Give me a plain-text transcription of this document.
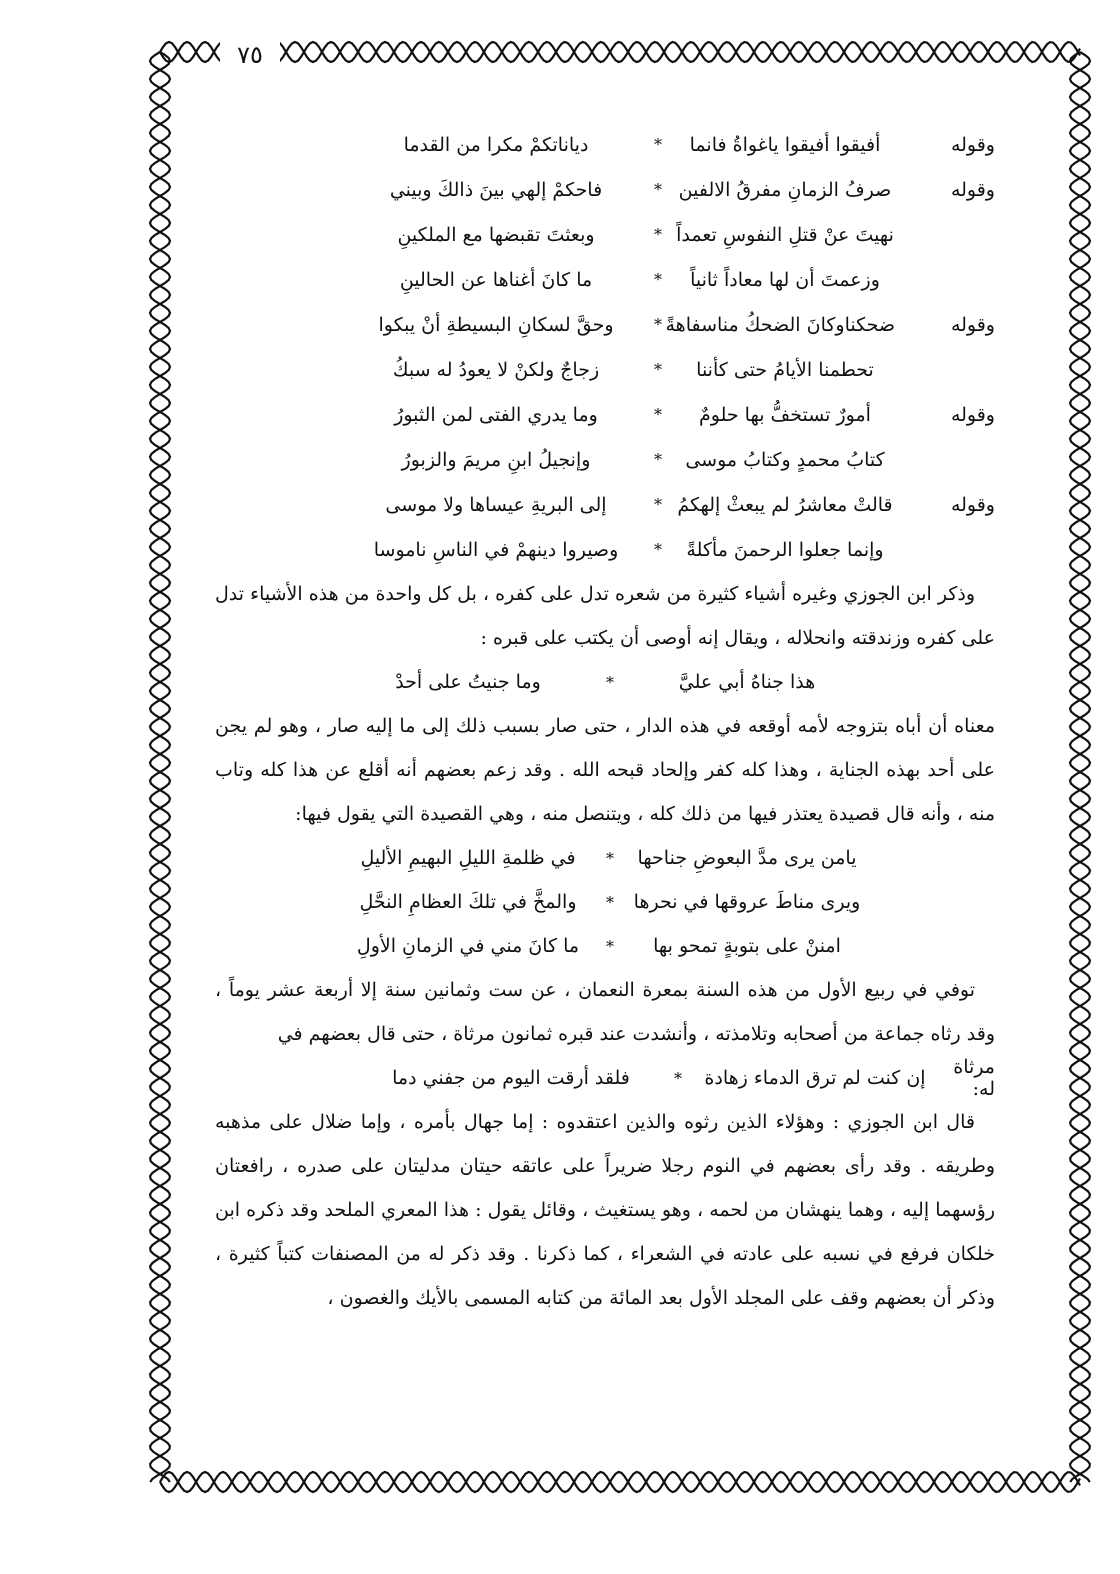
٧٥
وقوله
أفيقوا أفيقوا ياغواةُ فانما
*
دياناتكمْ مكرا من القدما
وقوله
صرفُ الزمانِ مفرقُ الالفين
*
فاحكمْ إلهي بينَ ذالكَ وبيني
نهيتَ عنْ قتلِ النفوسِ تعمداً
*
وبعثتَ تقبضها مع الملكينِ
وزعمتَ أن لها معاداً ثانياً
*
ما كانَ أغناها عن الحالينِ
وقوله
ضحكناوكانَ الضحكُ مناسفاهةً
*
وحقَّ لسكانِ البسيطةِ أنْ يبكوا
تحطمنا الأيامُ حتى كأننا
*
زجاجٌ ولكنْ لا يعودُ له سبكُ
وقوله
أمورٌ تستخفُّ بها حلومٌ
*
وما يدري الفتى لمن الثبورُ
كتابُ محمدٍ وكتابُ موسى
*
وإنجيلُ ابنِ مريمَ والزبورُ
وقوله
قالتْ معاشرُ لم يبعثْ إلهكمُ
*
إلى البريةِ عيساها ولا موسى
وإنما جعلوا الرحمنَ مأكلةً
*
وصيروا دينهمْ في الناسِ ناموسا

وذكر ابن الجوزي وغيره أشياء كثيرة من شعره تدل على كفره ، بل كل واحدة من هذه الأشياء تدل على كفره وزندقته وانحلاله ، ويقال إنه أوصى أن يكتب على قبره :

هذا جناهُ أبي عليَّ
*
وما جنيتُ علی أحدْ

معناه أن أباه بتزوجه لأمه أوقعه في هذه الدار ، حتى صار بسبب ذلك إلى ما إليه صار ، وهو لم يجن على أحد بهذه الجناية ، وهذا كله كفر وإلحاد قبحه الله . وقد زعم بعضهم أنه أقلع عن هذا كله وتاب منه ، وأنه قال قصيدة يعتذر فيها من ذلك كله ، ويتنصل منه ، وهي القصيدة التي يقول فيها:

يامن يرى مدَّ البعوضِ جناحها
*
في ظلمةِ الليلِ البهيمِ الأليلِ
ويرى مناطَ عروقها في نحرها
*
والمخَّ في تلكَ العظامِ النحَّلِ
امننْ على بتوبةٍ تمحو بها
*
ما كانَ مني في الزمانِ الأولِ

توفي في ربيع الأول من هذه السنة بمعرة النعمان ، عن ست وثمانين سنة إلا أربعة عشر يوماً ، وقد رثاه جماعة من أصحابه وتلامذته ، وأنشدت عند قبره ثمانون مرثاة ، حتى قال بعضهم في

مرثاة له:
إن كنت لم ترق الدماء زهادة
*
فلقد أرقت اليوم من جفني دما

قال ابن الجوزي : وهؤلاء الذين رثوه والذين اعتقدوه : إما جهال بأمره ، وإما ضلال على مذهبه وطريقه . وقد رأى بعضهم في النوم رجلا ضريراً على عاتقه حيتان مدليتان على صدره ، رافعتان رؤسهما إليه ، وهما ينهشان من لحمه ، وهو يستغيث ، وقائل يقول : هذا المعري الملحد وقد ذكره ابن خلكان فرفع في نسبه على عادته في الشعراء ، كما ذكرنا . وقد ذكر له من المصنفات كتباً كثيرة ، وذكر أن بعضهم وقف على المجلد الأول بعد المائة من كتابه المسمى بالأيك والغصون ،
